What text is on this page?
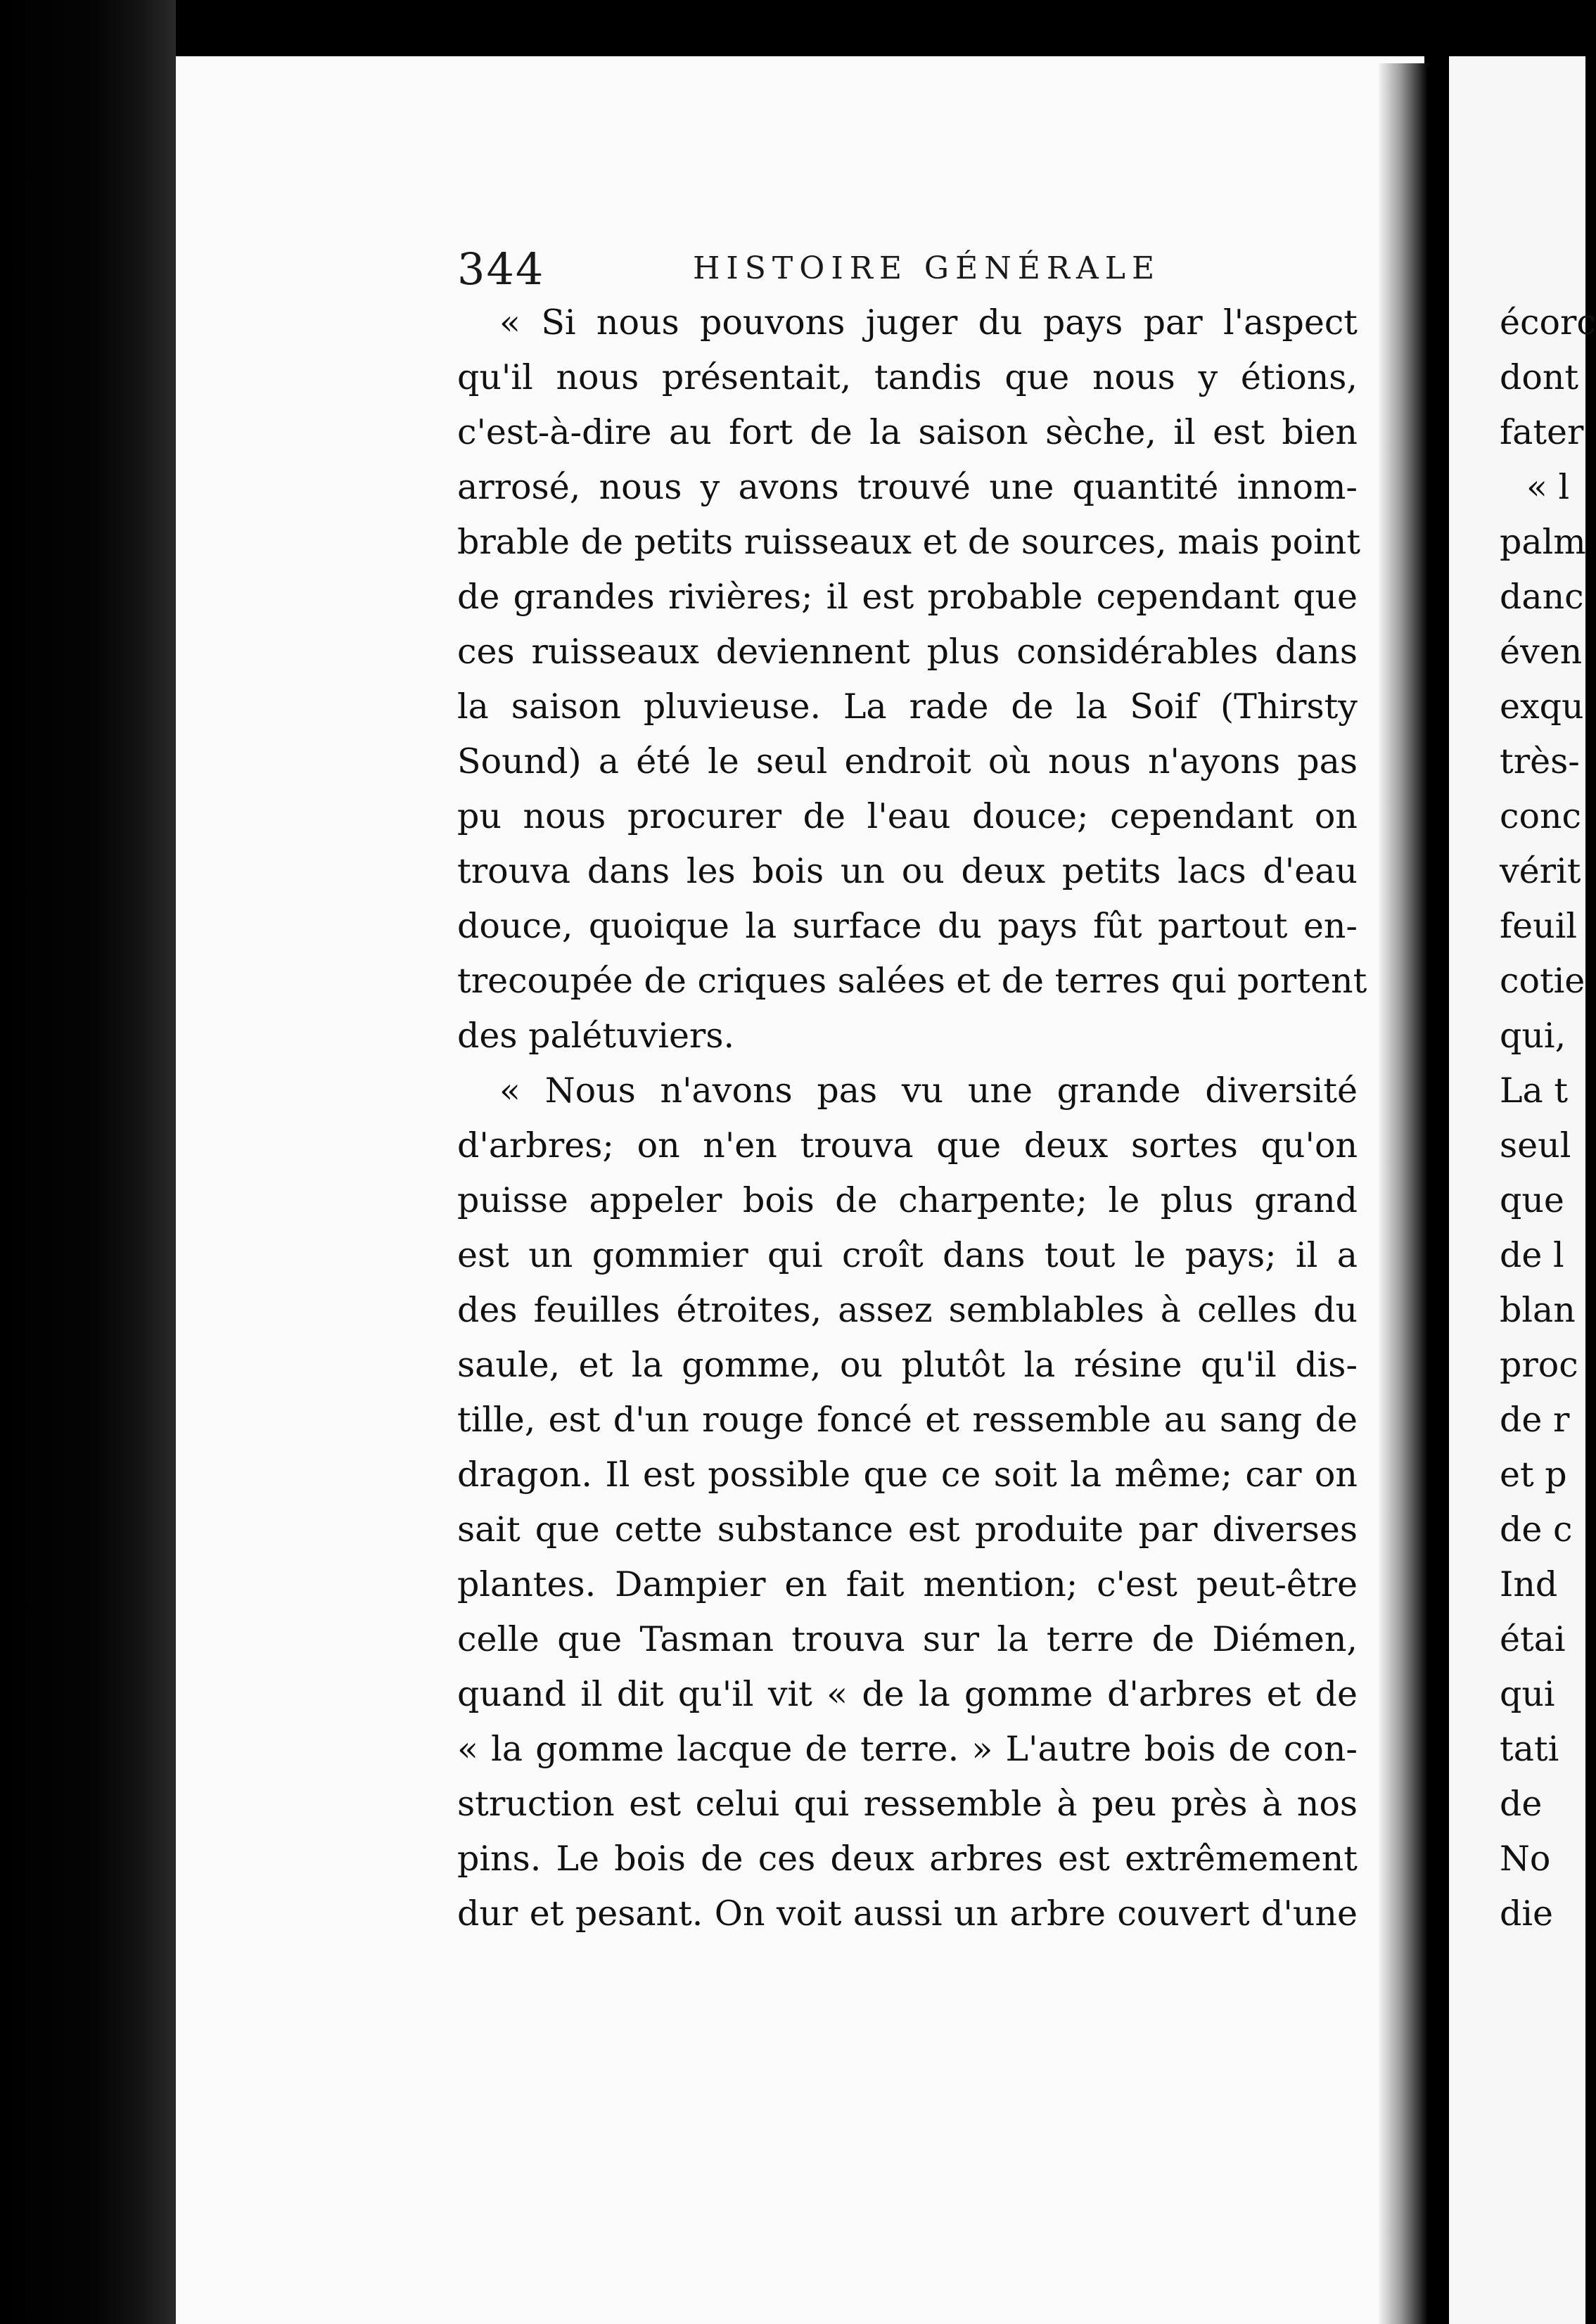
344	HISTOIRE GÉNÉRALE
« Si nous pouvons juger du pays par l'aspect
qu'il nous présentait, tandis que nous y étions,
c'est-à-dire au fort de la saison sèche, il est bien
arrosé, nous y avons trouvé une quantité innom-
brable de petits ruisseaux et de sources, mais point
de grandes rivières; il est probable cependant que
ces ruisseaux deviennent plus considérables dans
la saison pluvieuse. La rade de la Soif (Thirsty
Sound) a été le seul endroit où nous n'ayons pas
pu nous procurer de l'eau douce; cependant on
trouva dans les bois un ou deux petits lacs d'eau
douce, quoique la surface du pays fût partout en-
trecoupée de criques salées et de terres qui portent
des palétuviers.
« Nous n'avons pas vu une grande diversité
d'arbres; on n'en trouva que deux sortes qu'on
puisse appeler bois de charpente; le plus grand
est un gommier qui croît dans tout le pays; il a
des feuilles étroites, assez semblables à celles du
saule, et la gomme, ou plutôt la résine qu'il dis-
tille, est d'un rouge foncé et ressemble au sang de
dragon. Il est possible que ce soit la même; car on
sait que cette substance est produite par diverses
plantes. Dampier en fait mention; c'est peut-être
celle que Tasman trouva sur la terre de Diémen,
quand il dit qu'il vit « de la gomme d'arbres et de
« la gomme lacque de terre. » L'autre bois de con-
struction est celui qui ressemble à peu près à nos
pins. Le bois de ces deux arbres est extrêmement
dur et pesant. On voit aussi un arbre couvert d'une
écorc
dont
fater
« l
palm
danc
éven
exqu
très-
conc
vérit
feuil
cotie
qui,
La t
seul
que
de l
blan
proc
de r
et p
de c
Ind
étai
qui
tati
de
No
die
